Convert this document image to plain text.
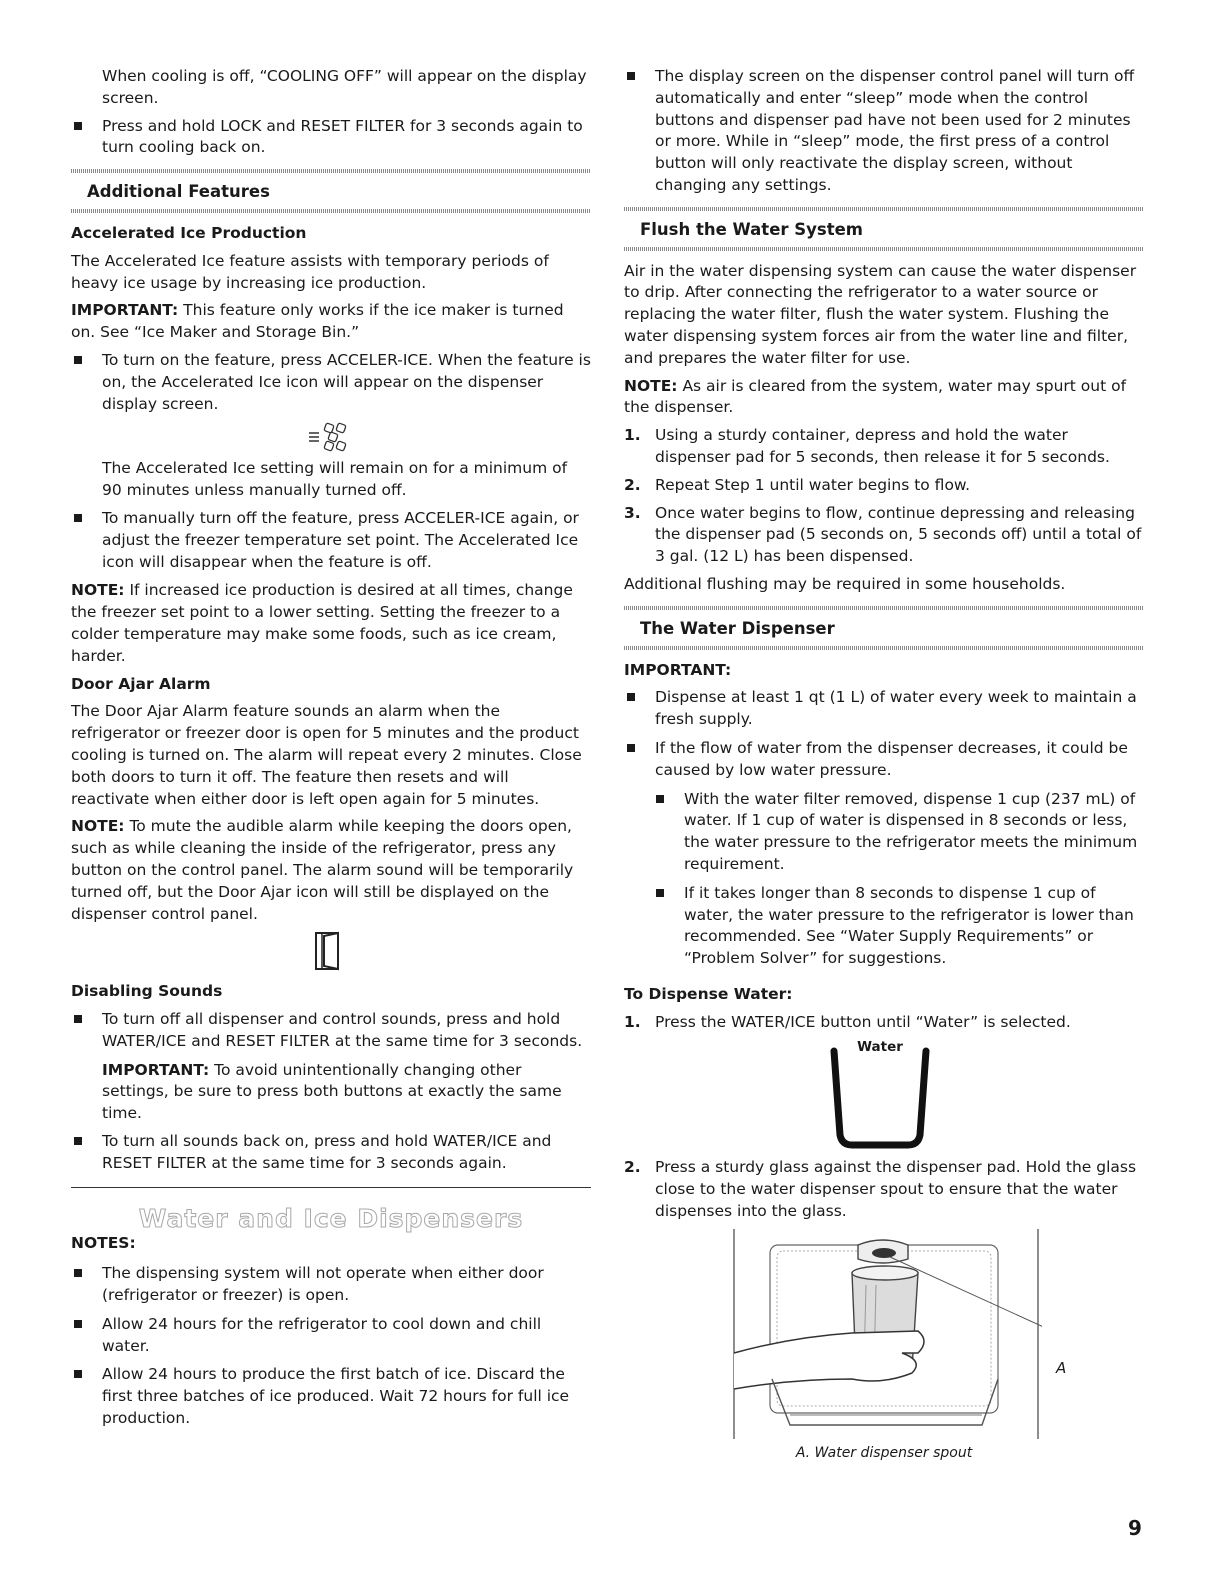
When cooling is off, “COOLING OFF” will appear on the display screen.

Press and hold LOCK and RESET FILTER for 3 seconds again to turn cooling back on.

Additional Features
Accelerated Ice Production

The Accelerated Ice feature assists with temporary periods of heavy ice usage by increasing ice production.

IMPORTANT: This feature only works if the ice maker is turned on. See “Ice Maker and Storage Bin.”

To turn on the feature, press ACCELER-ICE. When the feature is on, the Accelerated Ice icon will appear on the dispenser display screen.

The Accelerated Ice setting will remain on for a minimum of 90 minutes unless manually turned off.

To manually turn off the feature, press ACCELER-ICE again, or adjust the freezer temperature set point. The Accelerated Ice icon will disappear when the feature is off.

NOTE: If increased ice production is desired at all times, change the freezer set point to a lower setting. Setting the freezer to a colder temperature may make some foods, such as ice cream, harder.

Door Ajar Alarm

The Door Ajar Alarm feature sounds an alarm when the refrigerator or freezer door is open for 5 minutes and the product cooling is turned on. The alarm will repeat every 2 minutes. Close both doors to turn it off. The feature then resets and will reactivate when either door is left open again for 5 minutes.

NOTE: To mute the audible alarm while keeping the doors open, such as while cleaning the inside of the refrigerator, press any button on the control panel. The alarm sound will be temporarily turned off, but the Door Ajar icon will still be displayed on the dispenser control panel.

Disabling Sounds

To turn off all dispenser and control sounds, press and hold WATER/ICE and RESET FILTER at the same time for 3 seconds.

IMPORTANT: To avoid unintentionally changing other settings, be sure to press both buttons at exactly the same time.

To turn all sounds back on, press and hold WATER/ICE and RESET FILTER at the same time for 3 seconds again.

Water and Ice Dispensers
NOTES:

The dispensing system will not operate when either door (refrigerator or freezer) is open.

Allow 24 hours for the refrigerator to cool down and chill water.

Allow 24 hours to produce the first batch of ice. Discard the first three batches of ice produced. Wait 72 hours for full ice production.

The display screen on the dispenser control panel will turn off automatically and enter “sleep” mode when the control buttons and dispenser pad have not been used for 2 minutes or more. While in “sleep” mode, the first press of a control button will only reactivate the display screen, without changing any settings.

Flush the Water System

Air in the water dispensing system can cause the water dispenser to drip. After connecting the refrigerator to a water source or replacing the water filter, flush the water system. Flushing the water dispensing system forces air from the water line and filter, and prepares the water filter for use.

NOTE: As air is cleared from the system, water may spurt out of the dispenser.

1. Using a sturdy container, depress and hold the water dispenser pad for 5 seconds, then release it for 5 seconds.

2. Repeat Step 1 until water begins to flow.

3. Once water begins to flow, continue depressing and releasing the dispenser pad (5 seconds on, 5 seconds off) until a total of 3 gal. (12 L) has been dispensed.

Additional flushing may be required in some households.

The Water Dispenser
IMPORTANT:

Dispense at least 1 qt (1 L) of water every week to maintain a fresh supply.

If the flow of water from the dispenser decreases, it could be caused by low water pressure.

With the water filter removed, dispense 1 cup (237 mL) of water. If 1 cup of water is dispensed in 8 seconds or less, the water pressure to the refrigerator meets the minimum requirement.

If it takes longer than 8 seconds to dispense 1 cup of water, the water pressure to the refrigerator is lower than recommended. See “Water Supply Requirements” or “Problem Solver” for suggestions.

To Dispense Water:

1. Press the WATER/ICE button until “Water” is selected.

Water

2. Press a sturdy glass against the dispenser pad. Hold the glass close to the water dispenser spout to ensure that the water dispenses into the glass.

A
A. Water dispenser spout
9
